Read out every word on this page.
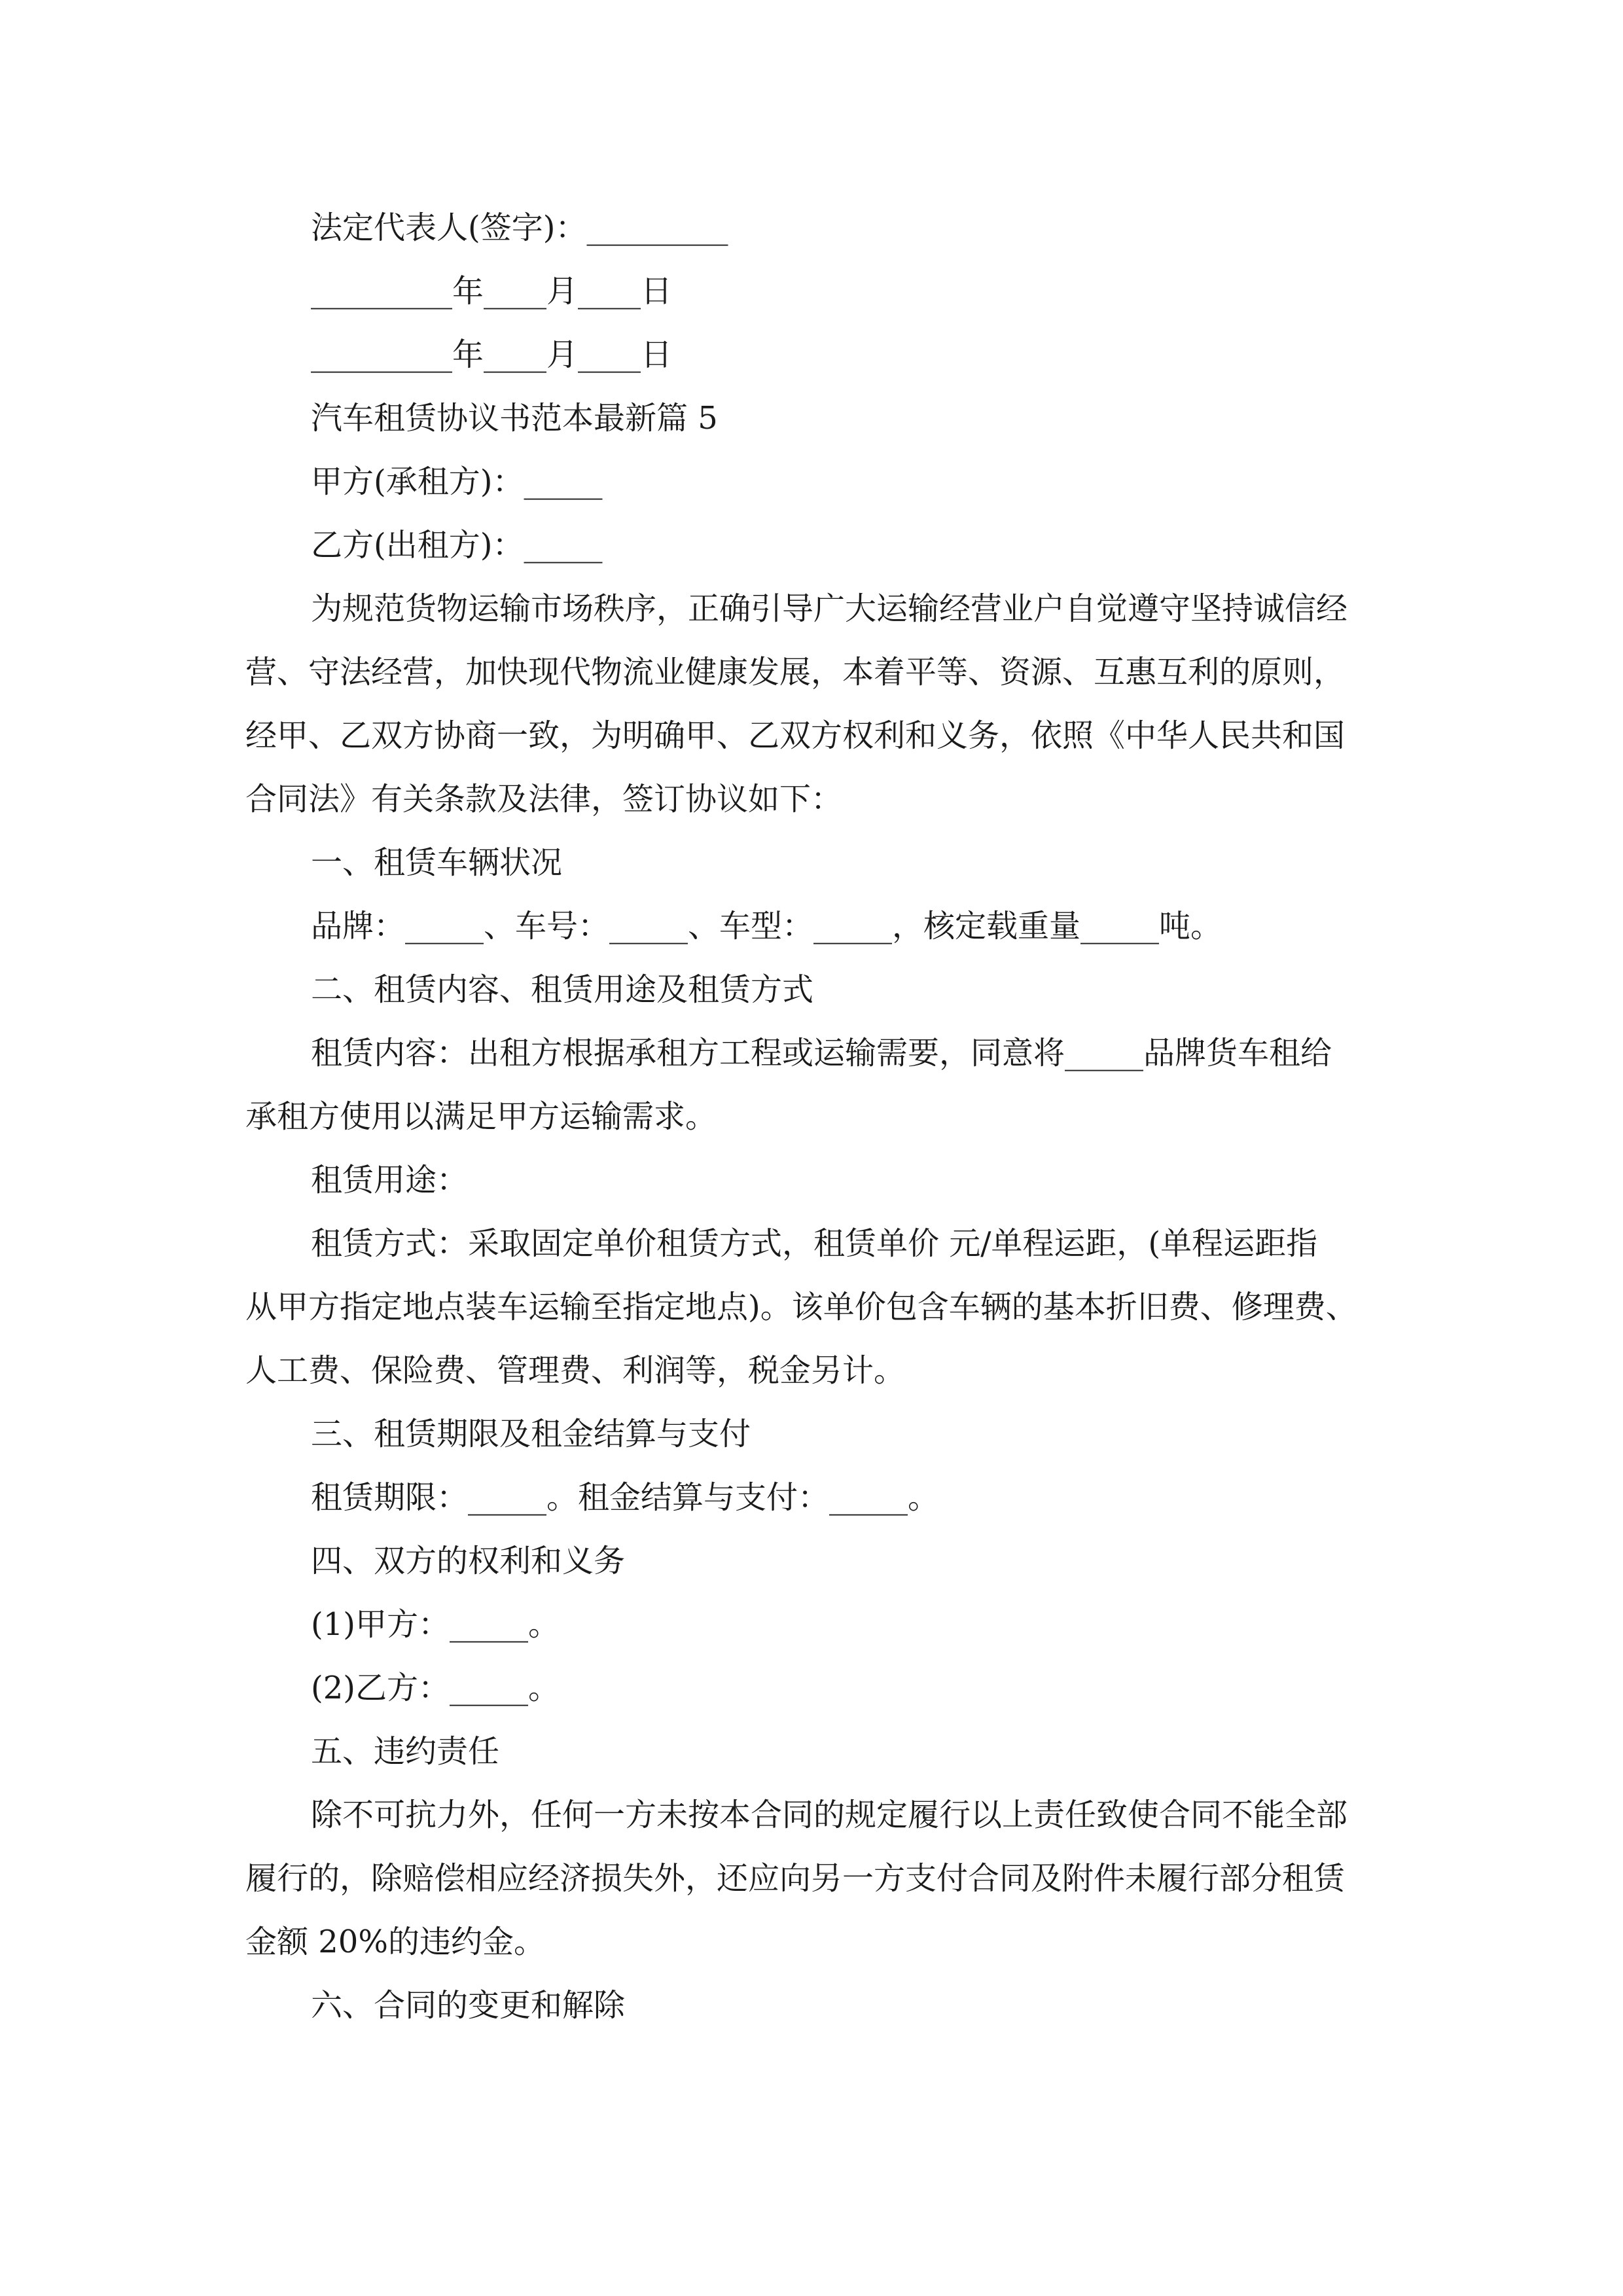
法定代表人(签字)：_________
_________年____月____日
_________年____月____日
汽车租赁协议书范本最新篇 5
甲方(承租方)：_____
乙方(出租方)：_____
为规范货物运输市场秩序，正确引导广大运输经营业户自觉遵守坚持诚信经
营、守法经营，加快现代物流业健康发展，本着平等、资源、互惠互利的原则，
经甲、乙双方协商一致，为明确甲、乙双方权利和义务，依照《中华人民共和国
合同法》有关条款及法律，签订协议如下：
一、租赁车辆状况
品牌：_____、车号：_____、车型：_____，核定载重量_____吨。
二、租赁内容、租赁用途及租赁方式
租赁内容：出租方根据承租方工程或运输需要，同意将_____品牌货车租给
承租方使用以满足甲方运输需求。
租赁用途：
租赁方式：采取固定单价租赁方式，租赁单价 元/单程运距，(单程运距指
从甲方指定地点装车运输至指定地点)。该单价包含车辆的基本折旧费、修理费、
人工费、保险费、管理费、利润等，税金另计。
三、租赁期限及租金结算与支付
租赁期限：_____。租金结算与支付：_____。
四、双方的权利和义务
(1)甲方：_____。
(2)乙方：_____。
五、违约责任
除不可抗力外，任何一方未按本合同的规定履行以上责任致使合同不能全部
履行的，除赔偿相应经济损失外，还应向另一方支付合同及附件未履行部分租赁
金额 20%的违约金。
六、合同的变更和解除
